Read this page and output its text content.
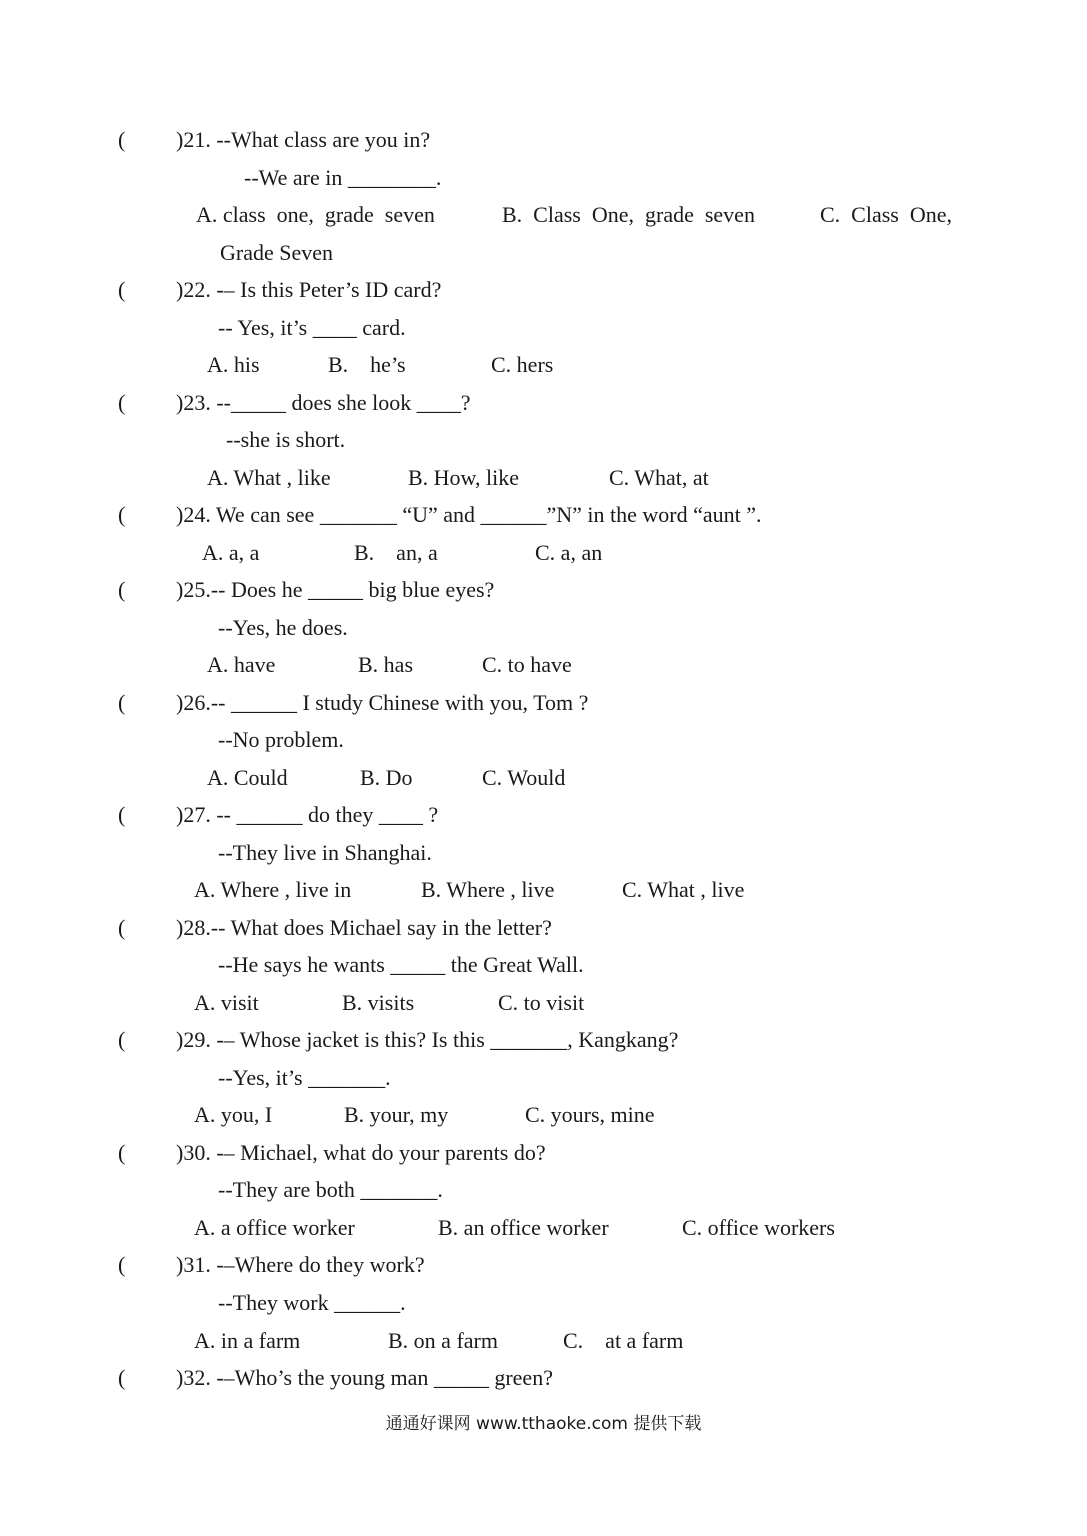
( )21. --What class are you in?
--We are in ________.
A. class  one,  grade  seven	B.  Class  One,  grade  seven	C.  Class  One,
Grade Seven
( )22. -– Is this Peter’s ID card?
-- Yes, it’s ____ card.
A. his	B.    he’s	C. hers
( )23. --_____ does she look ____?
--she is short.
A. What , like	B. How, like	C. What, at
( )24. We can see _______ “U” and ______”N” in the word “aunt ”.
A. a, a	B.    an, a	C. a, an
( )25.-- Does he _____ big blue eyes?
--Yes, he does.
A. have	B. has	C. to have
( )26.-- ______ I study Chinese with you, Tom ?
--No problem.
A. Could	B. Do	C. Would
( )27. -- ______ do they ____ ?
--They live in Shanghai.
A. Where , live in	B. Where , live	C. What , live
( )28.-- What does Michael say in the letter?
--He says he wants _____ the Great Wall.
A. visit	B. visits	C. to visit
( )29. -– Whose jacket is this? Is this _______, Kangkang?
--Yes, it’s _______.
A. you, I	B. your, my	C. yours, mine
( )30. -– Michael, what do your parents do?
--They are both _______.
A. a office worker	B. an office worker	C. office workers
( )31. -–Where do they work?
--They work ______.
A. in a farm	B. on a farm	C.    at a farm
( )32. -–Who’s the young man _____ green?
通通好课网 www.tthaoke.com 提供下载
